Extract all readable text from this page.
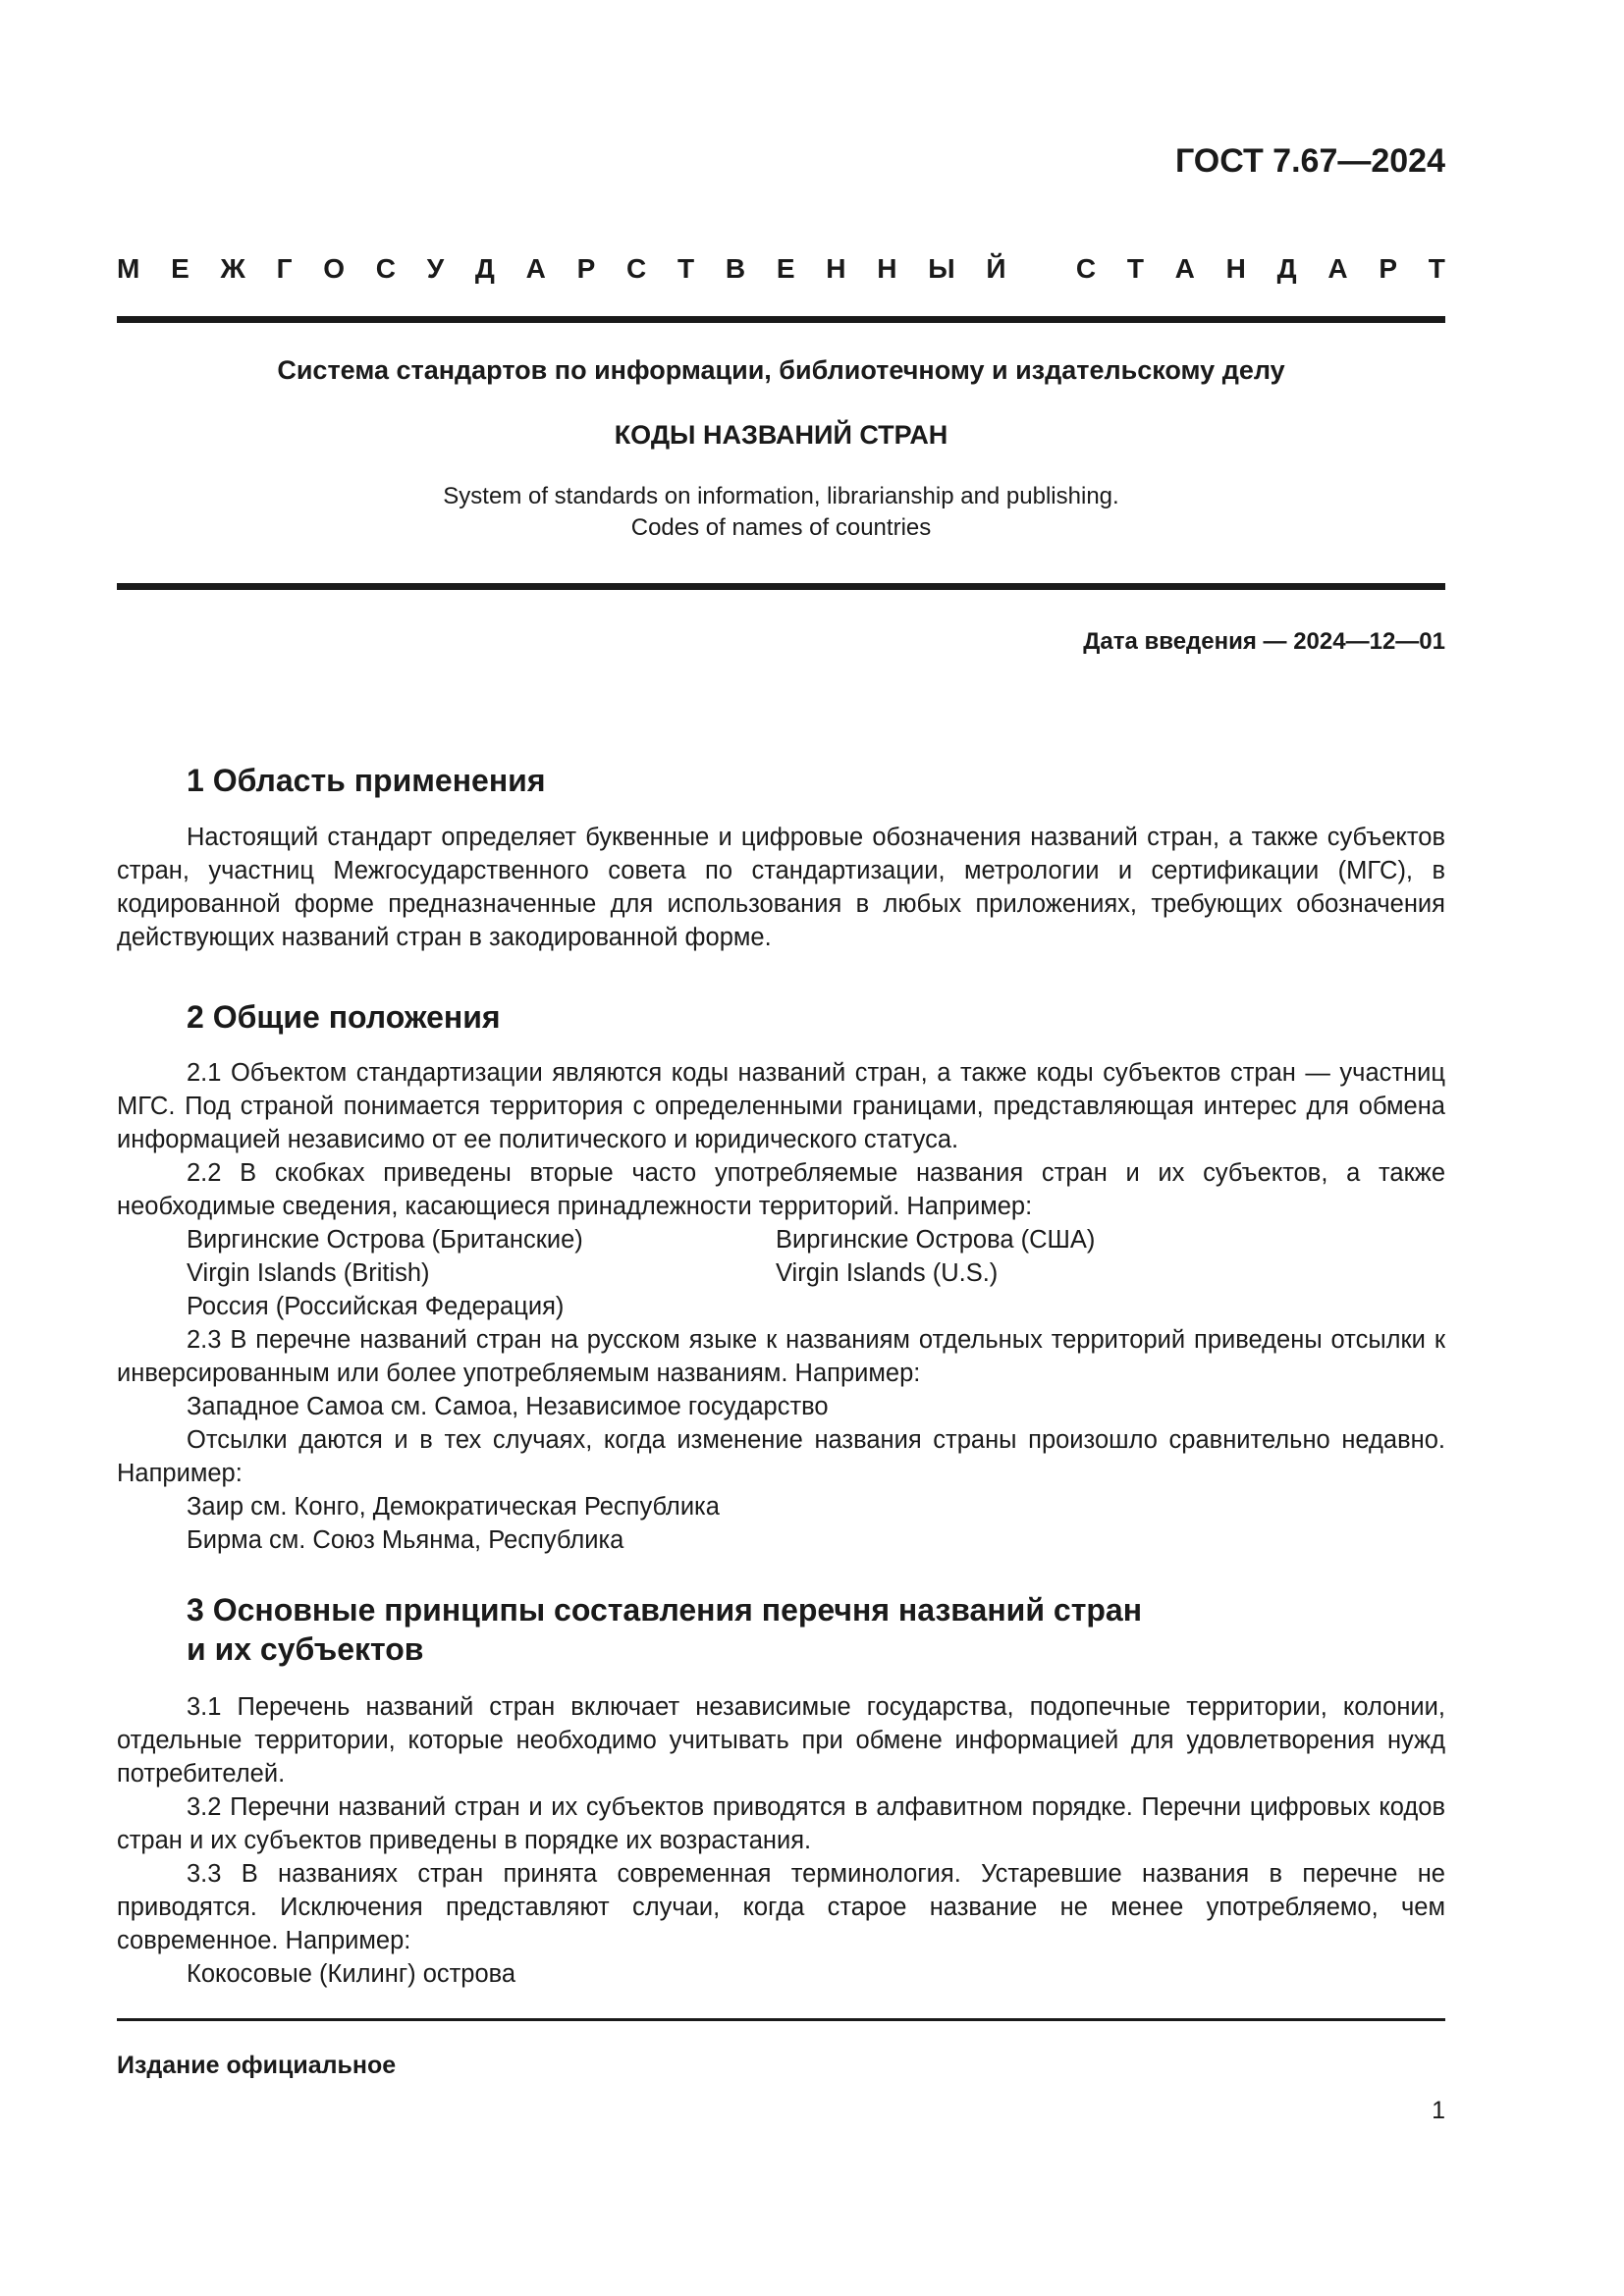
ГОСТ 7.67—2024
М Е Ж Г О С У Д А Р С Т В Е Н Н Ы Й
	С Т А Н Д А Р Т
Система стандартов по информации, библиотечному и издательскому делу
КОДЫ НАЗВАНИЙ СТРАН
System of standards on information, librarianship and publishing.
Codes of names of countries
Дата введения — 2024—12—01
1 Область применения
Настоящий стандарт определяет буквенные и цифровые обозначения названий стран, а также субъектов стран, участниц Межгосударственного совета по стандартизации, метрологии и сертификации (МГС), в кодированной форме предназначенные для использования в любых приложениях, требующих обозначения действующих названий стран в закодированной форме.
2 Общие положения
2.1 Объектом стандартизации являются коды названий стран, а также коды субъектов стран — участниц МГС. Под страной понимается территория с определенными границами, представляющая интерес для обмена информацией независимо от ее политического и юридического статуса.
2.2 В скобках приведены вторые часто употребляемые названия стран и их субъектов, а также необходимые сведения, касающиеся принадлежности территорий. Например:
Виргинские Острова (Британские)
Virgin Islands (British)
Россия (Российская Федерация)
Виргинские Острова (США)
Virgin Islands (U.S.)
2.3 В перечне названий стран на русском языке к названиям отдельных территорий приведены отсылки к инверсированным или более употребляемым названиям. Например:
Западное Самоа см. Самоа, Независимое государство
Отсылки даются и в тех случаях, когда изменение названия страны произошло сравнительно недавно. Например:
Заир см. Конго, Демократическая Республика
Бирма см. Союз Мьянма, Республика
3 Основные принципы составления перечня названий стран
и их субъектов
3.1 Перечень названий стран включает независимые государства, подопечные территории, колонии, отдельные территории, которые необходимо учитывать при обмене информацией для удовлетворения нужд потребителей.
3.2 Перечни названий стран и их субъектов приводятся в алфавитном порядке. Перечни цифровых кодов стран и их субъектов приведены в порядке их возрастания.
3.3 В названиях стран принята современная терминология. Устаревшие названия в перечне не приводятся. Исключения представляют случаи, когда старое название не менее употребляемо, чем современное. Например:
Кокосовые (Килинг) острова
Издание официальное
1
